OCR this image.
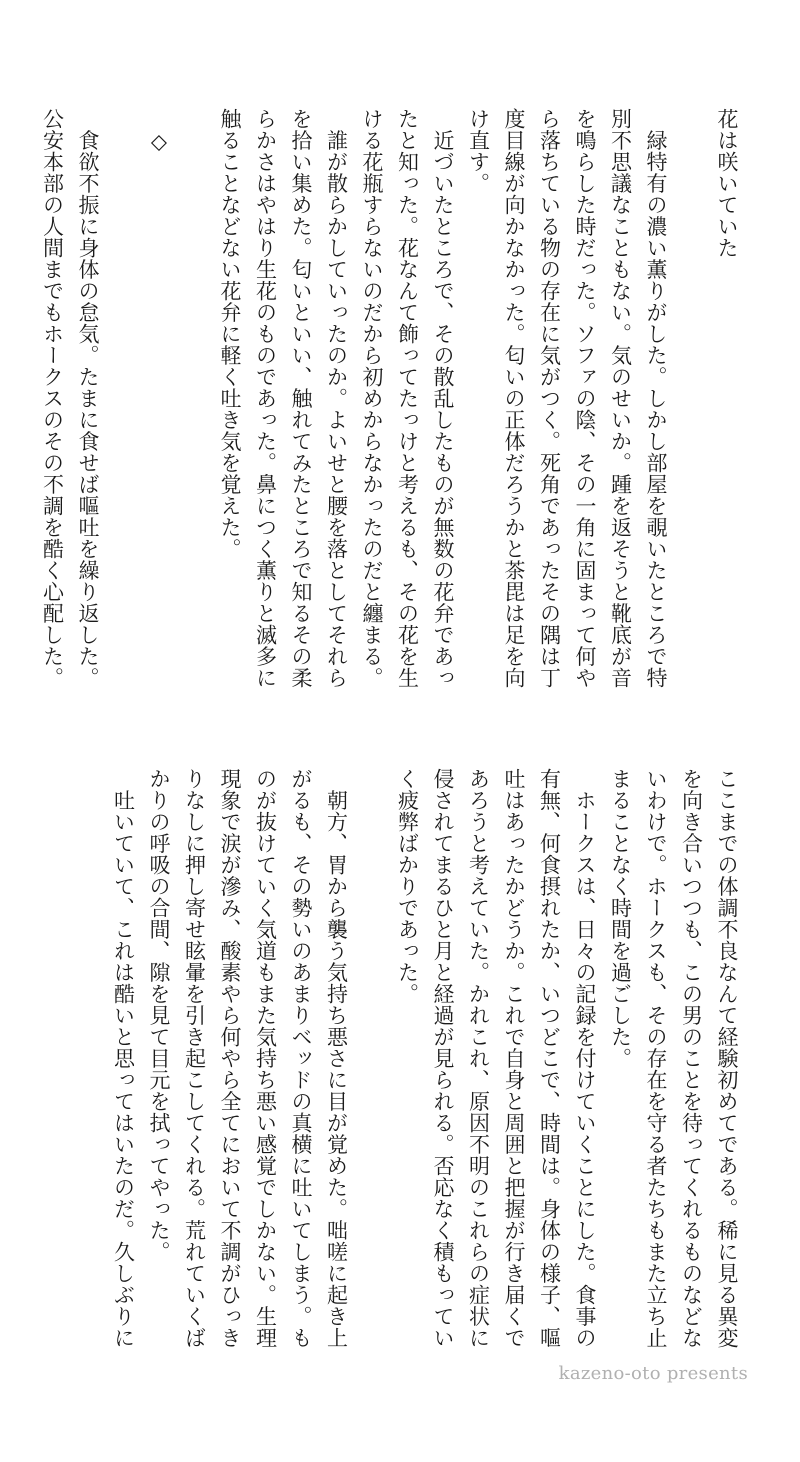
花は咲いていた

　緑特有の濃い薫りがした。しかし部屋を覗いたところで特
別不思議なこともない。気のせいか。踵を返そうと靴底が音
を鳴らした時だった。ソファの陰、その一角に固まって何や
ら落ちている物の存在に気がつく。死角であったその隅は丁
度目線が向かなかった。匂いの正体だろうかと茶毘は足を向
け直す。
　近づいたところで、その散乱したものが無数の花弁であっ
たと知った。花なんて飾ってたっけと考えるも、その花を生
ける花瓶すらないのだから初めからなかったのだと纏まる。
　誰が散らかしていったのか。よいせと腰を落としてそれら
を拾い集めた。匂いといい、触れてみたところで知るその柔
らかさはやはり生花のものであった。鼻につく薫りと滅多に
触ることなどない花弁に軽く吐き気を覚えた。

　◇

　食欲不振に身体の怠気。たまに食せば嘔吐を繰り返した。
公安本部の人間までもホークスのその不調を酷く心配した。
ここまでの体調不良なんて経験初めてである。稀に見る異変
を向き合いつつも、この男のことを待ってくれるものなどな
いわけで。ホークスも、その存在を守る者たちもまた立ち止
まることなく時間を過ごした。
　ホークスは、日々の記録を付けていくことにした。食事の
有無、何食摂れたか、いつどこで、時間は。身体の様子、嘔
吐はあったかどうか。これで自身と周囲と把握が行き届くで
あろうと考えていた。かれこれ、原因不明のこれらの症状に
侵されてまるひと月と経過が見られる。否応なく積もってい
く疲弊ばかりであった。

　朝方、胃から襲う気持ち悪さに目が覚めた。咄嗟に起き上
がるも、その勢いのあまりベッドの真横に吐いてしまう。も
のが抜けていく気道もまた気持ち悪い感覚でしかない。生理
現象で涙が滲み、酸素やら何やら全てにおいて不調がひっき
りなしに押し寄せ眩暈を引き起こしてくれる。荒れていくば
かりの呼吸の合間、隙を見て目元を拭ってやった。
　吐いていて、これは酷いと思ってはいたのだ。久しぶりに
kazeno-oto presents
